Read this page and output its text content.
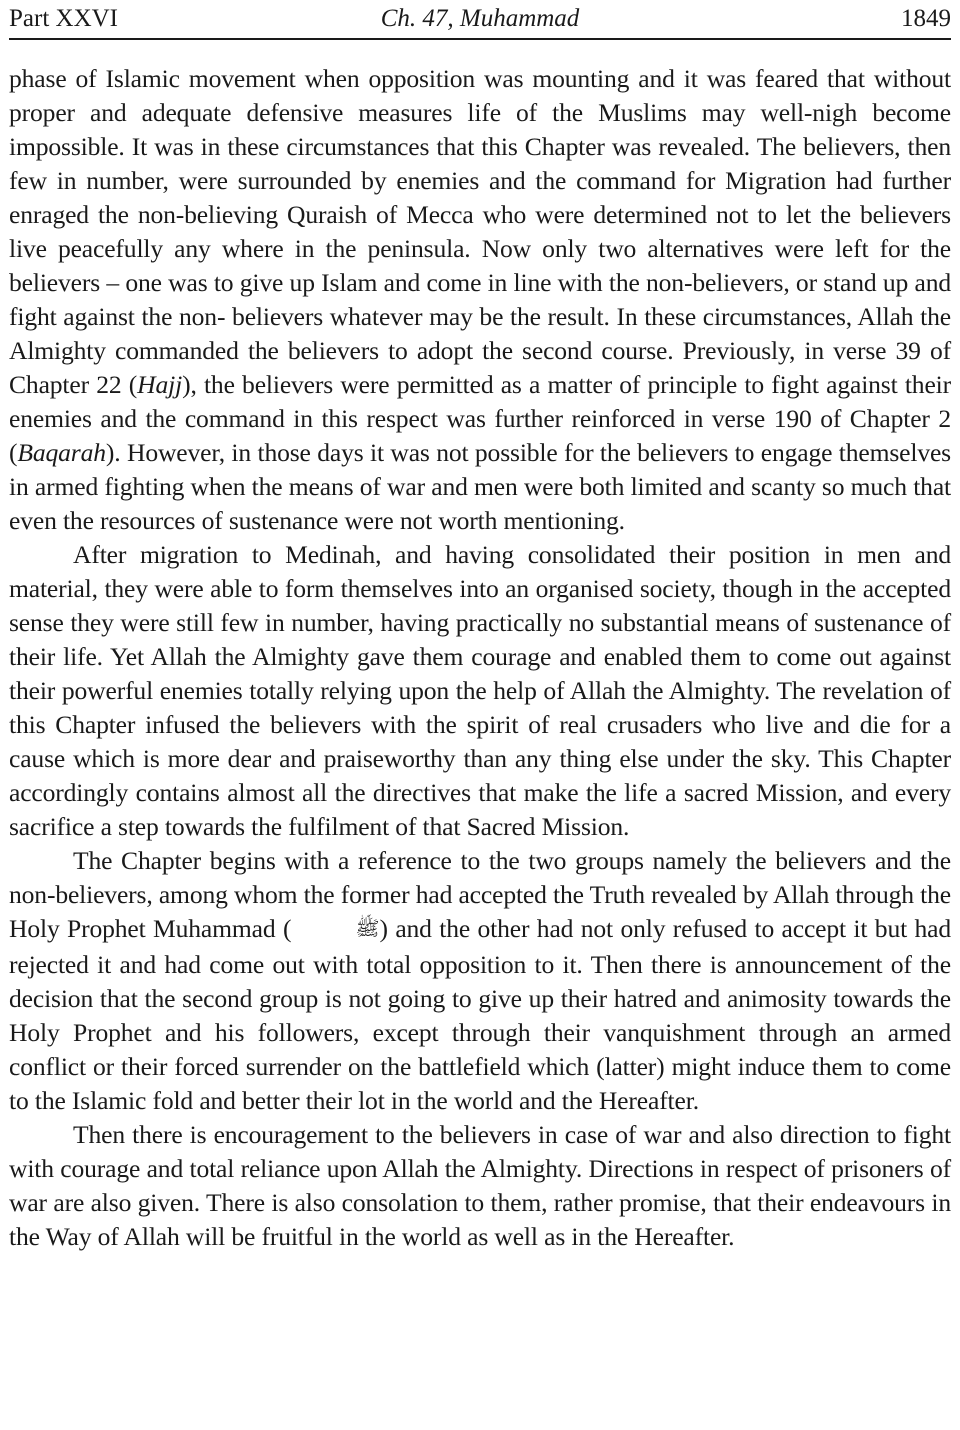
Part XXVI	Ch. 47, Muhammad	1849

phase of Islamic movement when opposition was mounting and it was feared that without proper and adequate defensive measures life of the Muslims may well-nigh become impossible. It was in these circumstances that this Chapter was revealed. The believers, then few in number, were surrounded by enemies and the command for Migration had further enraged the non-believing Quraish of Mecca who were determined not to let the believers live peacefully any where in the peninsula. Now only two alternatives were left for the believers – one was to give up Islam and come in line with the non-believers, or stand up and fight against the non- believers whatever may be the result. In these circumstances, Allah the Almighty commanded the believers to adopt the second course. Previously, in verse 39 of Chapter 22 (Hajj), the believers were permitted as a matter of principle to fight against their enemies and the command in this respect was further reinforced in verse 190 of Chapter 2 (Baqarah). However, in those days it was not possible for the believers to engage themselves in armed fighting when the means of war and men were both limited and scanty so much that even the resources of sustenance were not worth mentioning.

After migration to Medinah, and having consolidated their position in men and material, they were able to form themselves into an organised society, though in the accepted sense they were still few in number, having practically no substantial means of sustenance of their life. Yet Allah the Almighty gave them courage and enabled them to come out against their powerful enemies totally relying upon the help of Allah the Almighty. The revelation of this Chapter infused the believers with the spirit of real crusaders who live and die for a cause which is more dear and praiseworthy than any thing else under the sky. This Chapter accordingly contains almost all the directives that make the life a sacred Mission, and every sacrifice a step towards the fulfilment of that Sacred Mission.

The Chapter begins with a reference to the two groups namely the believers and the non-believers, among whom the former had accepted the Truth revealed by Allah through the Holy Prophet Muhammad (	ﷺ) and the other had not only refused to accept it but had rejected it and had come out with total opposition to it. Then there is announcement of the decision that the second group is not going to give up their hatred and animosity towards the Holy Prophet and his followers, except through their vanquishment through an armed conflict or their forced surrender on the battlefield which (latter) might induce them to come to the Islamic fold and better their lot in the world and the Hereafter.

Then there is encouragement to the believers in case of war and also direction to fight with courage and total reliance upon Allah the Almighty. Directions in respect of prisoners of war are also given. There is also consolation to them, rather promise, that their endeavours in the Way of Allah will be fruitful in the world as well as in the Hereafter.
